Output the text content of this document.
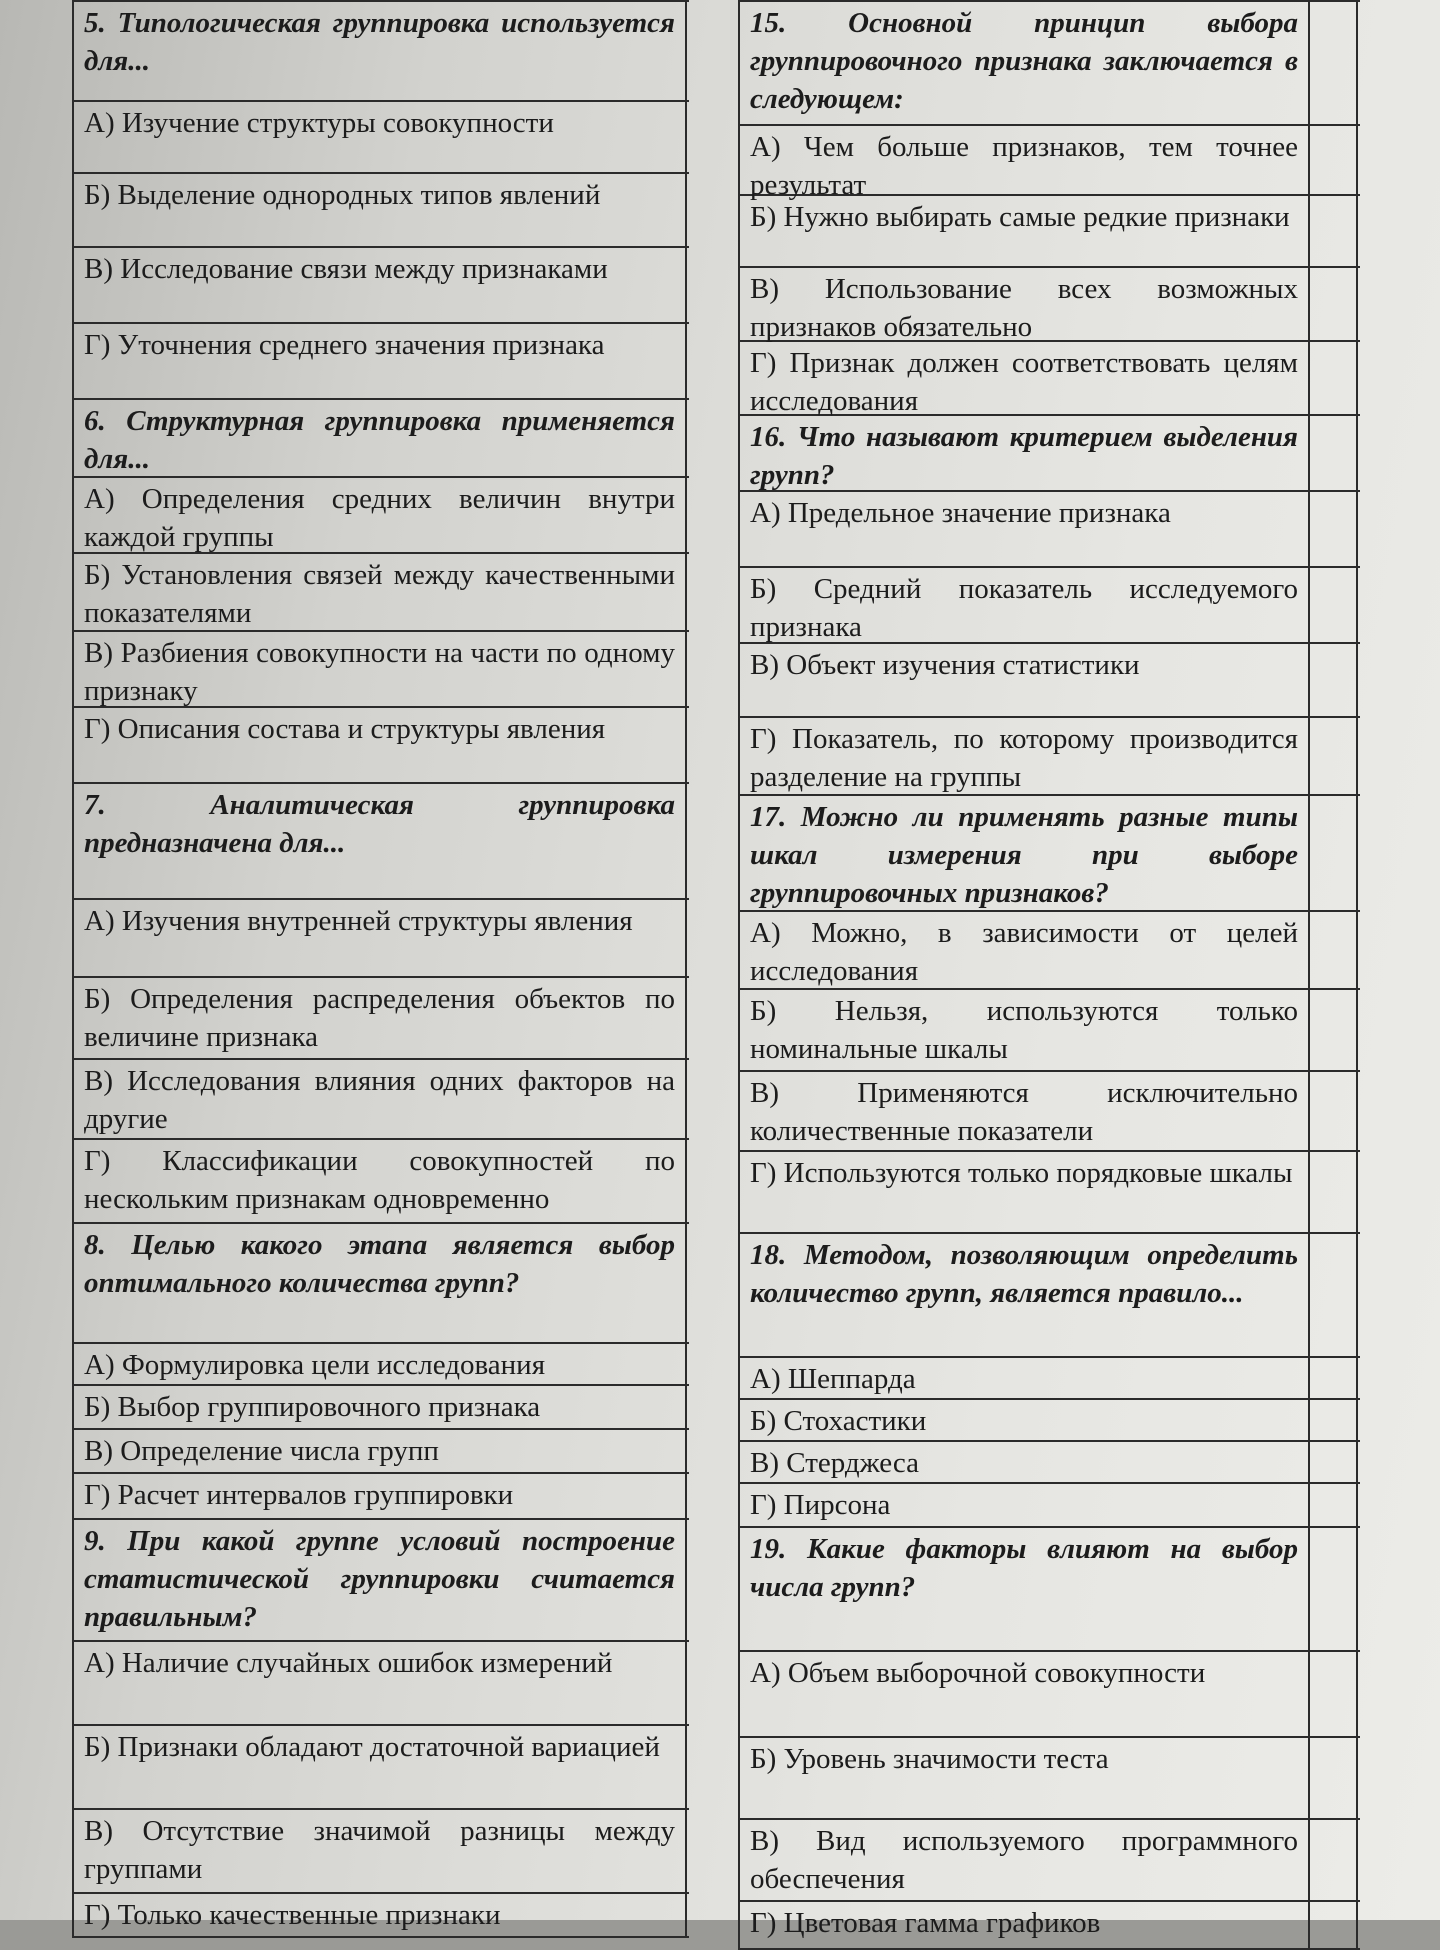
5. Типологическая группировка используется для...
А) Изучение структуры совокупности
Б) Выделение однородных типов явлений
В) Исследование связи между признаками
Г) Уточнения среднего значения признака
6. Структурная группировка применяется для...
А) Определения средних величин внутри каждой группы
Б) Установления связей между качественными показателями
В) Разбиения совокупности на части по одному признаку
Г) Описания состава и структуры явления
7. Аналитическая группировка предназначена для...
А) Изучения внутренней структуры явления
Б) Определения распределения объектов по величине признака
В) Исследования влияния одних факторов на другие
Г) Классификации совокупностей по нескольким признакам одновременно
8. Целью какого этапа является выбор оптимального количества групп?
А) Формулировка цели исследования
Б) Выбор группировочного признака
В) Определение числа групп
Г) Расчет интервалов группировки
9. При какой группе условий построение статистической группировки считается правильным?
А) Наличие случайных ошибок измерений
Б) Признаки обладают достаточной вариацией
В) Отсутствие значимой разницы между группами
Г) Только качественные признаки
15. Основной принцип выбора группировочного признака заключается в следующем:
А) Чем больше признаков, тем точнее результат
Б) Нужно выбирать самые редкие признаки
В) Использование всех возможных признаков обязательно
Г) Признак должен соответствовать целям исследования
16. Что называют критерием выделения групп?
А) Предельное значение признака
Б) Средний показатель исследуемого признака
В) Объект изучения статистики
Г) Показатель, по которому производится разделение на группы
17. Можно ли применять разные типы шкал измерения при выборе группировочных признаков?
А) Можно, в зависимости от целей исследования
Б) Нельзя, используются только номинальные шкалы
В) Применяются исключительно количественные показатели
Г) Используются только порядковые шкалы
18. Методом, позволяющим определить количество групп, является правило...
А) Шеппарда
Б) Стохастики
В) Стерджеса
Г) Пирсона
19. Какие факторы влияют на выбор числа групп?
А) Объем выборочной совокупности
Б) Уровень значимости теста
В) Вид используемого программного обеспечения
Г) Цветовая гамма графиков
